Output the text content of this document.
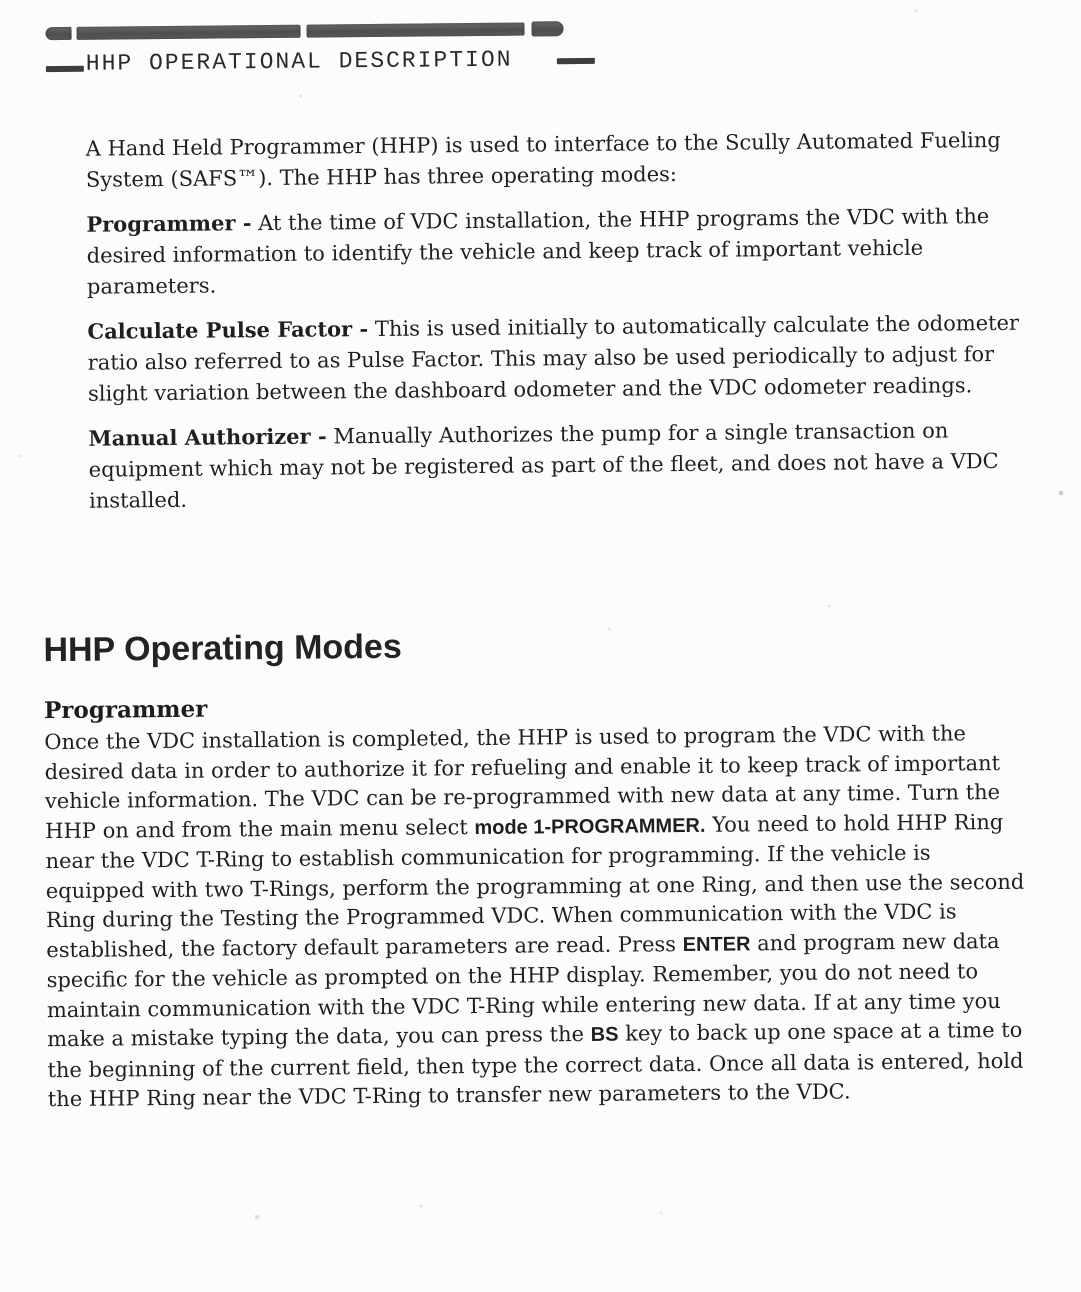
HHP OPERATIONAL DESCRIPTION

A Hand Held Programmer (HHP) is used to interface to the Scully Automated Fueling System (SAFS™). The HHP has three operating modes:

Programmer - At the time of VDC installation, the HHP programs the VDC with the desired information to identify the vehicle and keep track of important vehicle parameters.

Calculate Pulse Factor - This is used initially to automatically calculate the odometer ratio also referred to as Pulse Factor. This may also be used periodically to adjust for slight variation between the dashboard odometer and the VDC odometer readings.

Manual Authorizer - Manually Authorizes the pump for a single transaction on equipment which may not be registered as part of the fleet, and does not have a VDC installed.

HHP Operating Modes
Programmer

Once the VDC installation is completed, the HHP is used to program the VDC with the desired data in order to authorize it for refueling and enable it to keep track of important vehicle information. The VDC can be re-programmed with new data at any time. Turn the HHP on and from the main menu select mode 1-PROGRAMMER. You need to hold HHP Ring near the VDC T-Ring to establish communication for programming. If the vehicle is equipped with two T-Rings, perform the programming at one Ring, and then use the second Ring during the Testing the Programmed VDC. When communication with the VDC is established, the factory default parameters are read. Press ENTER and program new data specific for the vehicle as prompted on the HHP display. Remember, you do not need to maintain communication with the VDC T-Ring while entering new data. If at any time you make a mistake typing the data, you can press the BS key to back up one space at a time to the beginning of the current field, then type the correct data. Once all data is entered, hold the HHP Ring near the VDC T-Ring to transfer new parameters to the VDC.
